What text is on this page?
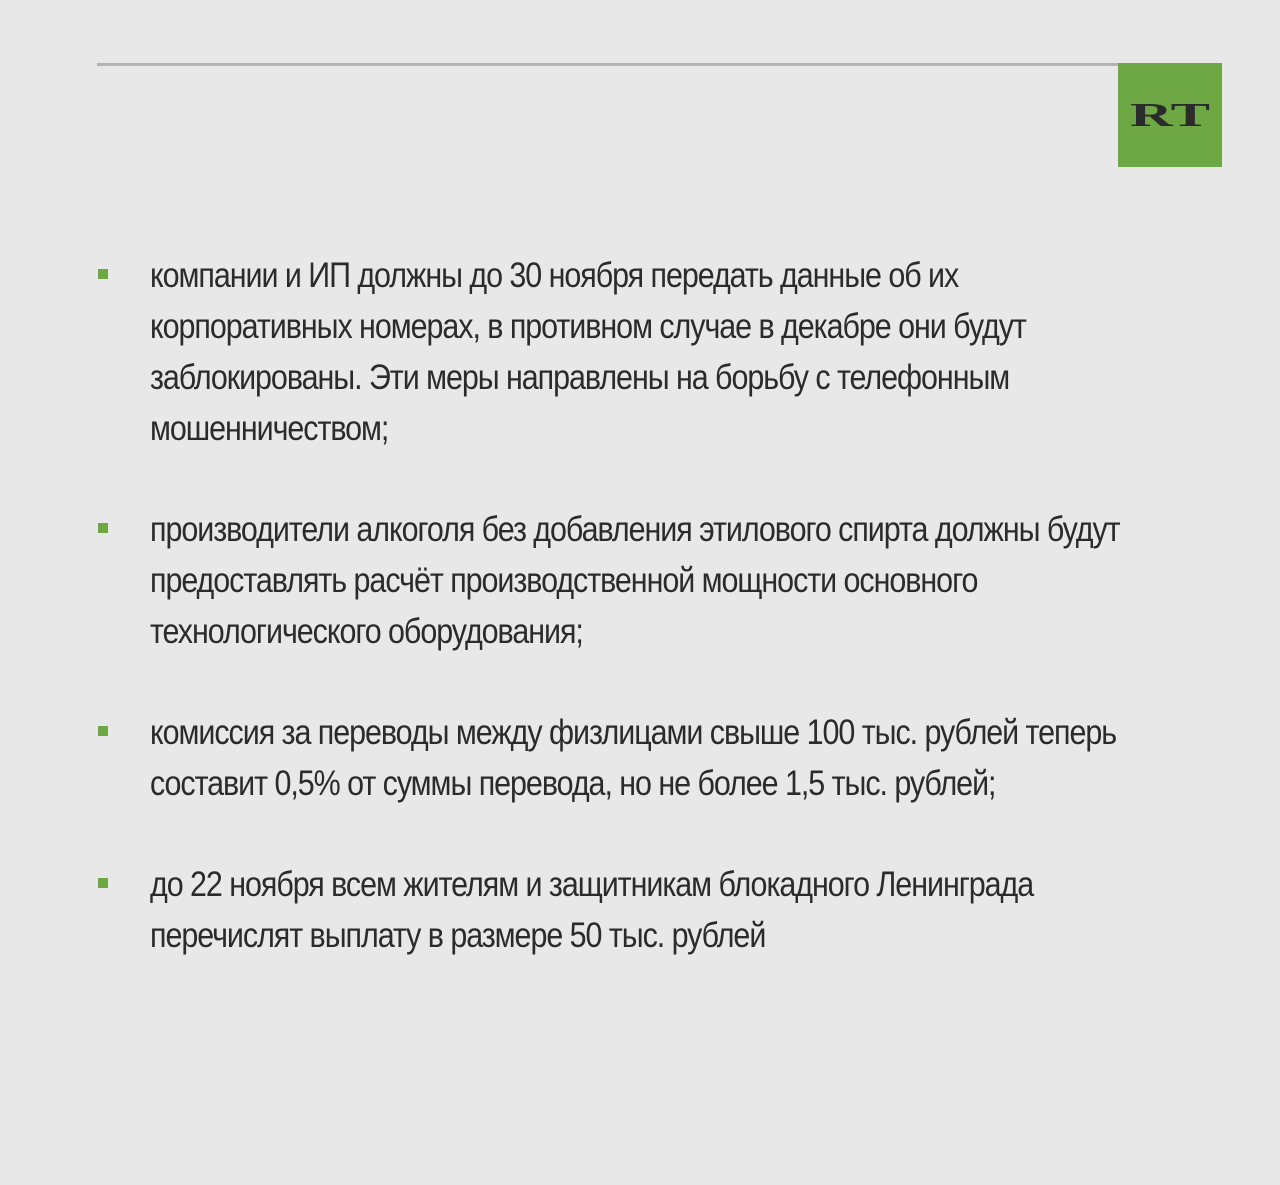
RT
компании и ИП должны до 30 ноября передать данные об их корпоративных номерах, в противном случае в декабре они будут заблокированы. Эти меры направлены на борьбу с телефонным мошенничеством;
производители алкоголя без добавления этилового спирта должны будут предоставлять расчёт производственной мощности основного технологического оборудования;
комиссия за переводы между физлицами свыше 100 тыс. рублей теперь составит 0,5% от суммы перевода, но не более 1,5 тыс. рублей;
до 22 ноября всем жителям и защитникам блокадного Ленинграда перечислят выплату в размере 50 тыс. рублей
